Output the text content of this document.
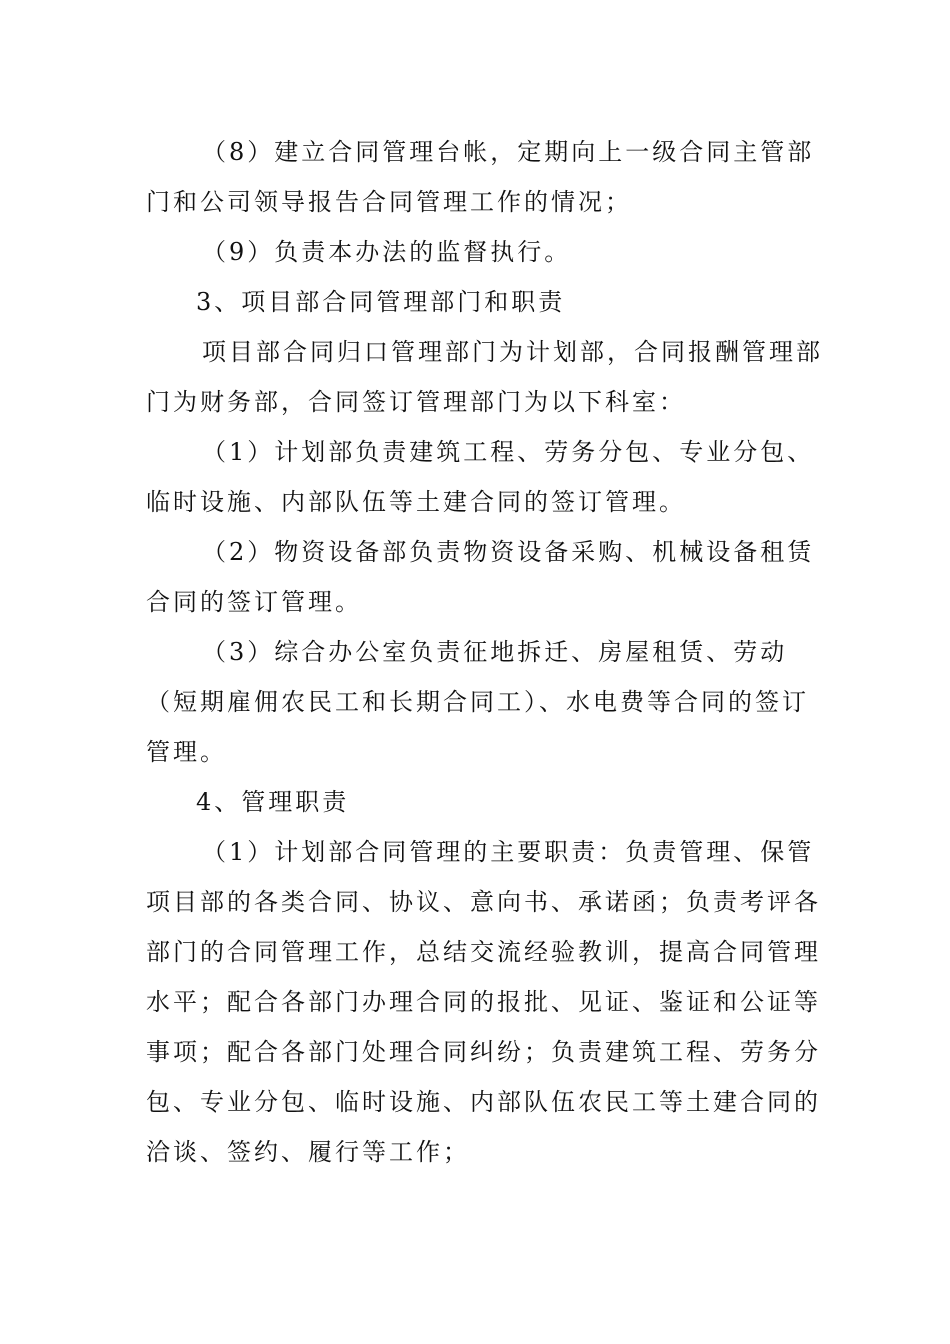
（8）建立合同管理台帐，定期向上一级合同主管部
门和公司领导报告合同管理工作的情况；

（9）负责本办法的监督执行。

3、项目部合同管理部门和职责

项目部合同归口管理部门为计划部，合同报酬管理部
门为财务部，合同签订管理部门为以下科室：

（1）计划部负责建筑工程、劳务分包、专业分包、
临时设施、内部队伍等土建合同的签订管理。

（2）物资设备部负责物资设备采购、机械设备租赁
合同的签订管理。

（3）综合办公室负责征地拆迁、房屋租赁、劳动
（短期雇佣农民工和长期合同工）、水电费等合同的签订
管理。

4、管理职责

（1）计划部合同管理的主要职责：负责管理、保管
项目部的各类合同、协议、意向书、承诺函；负责考评各
部门的合同管理工作，总结交流经验教训，提高合同管理
水平；配合各部门办理合同的报批、见证、鉴证和公证等
事项；配合各部门处理合同纠纷；负责建筑工程、劳务分
包、专业分包、临时设施、内部队伍农民工等土建合同的
洽谈、签约、履行等工作；
